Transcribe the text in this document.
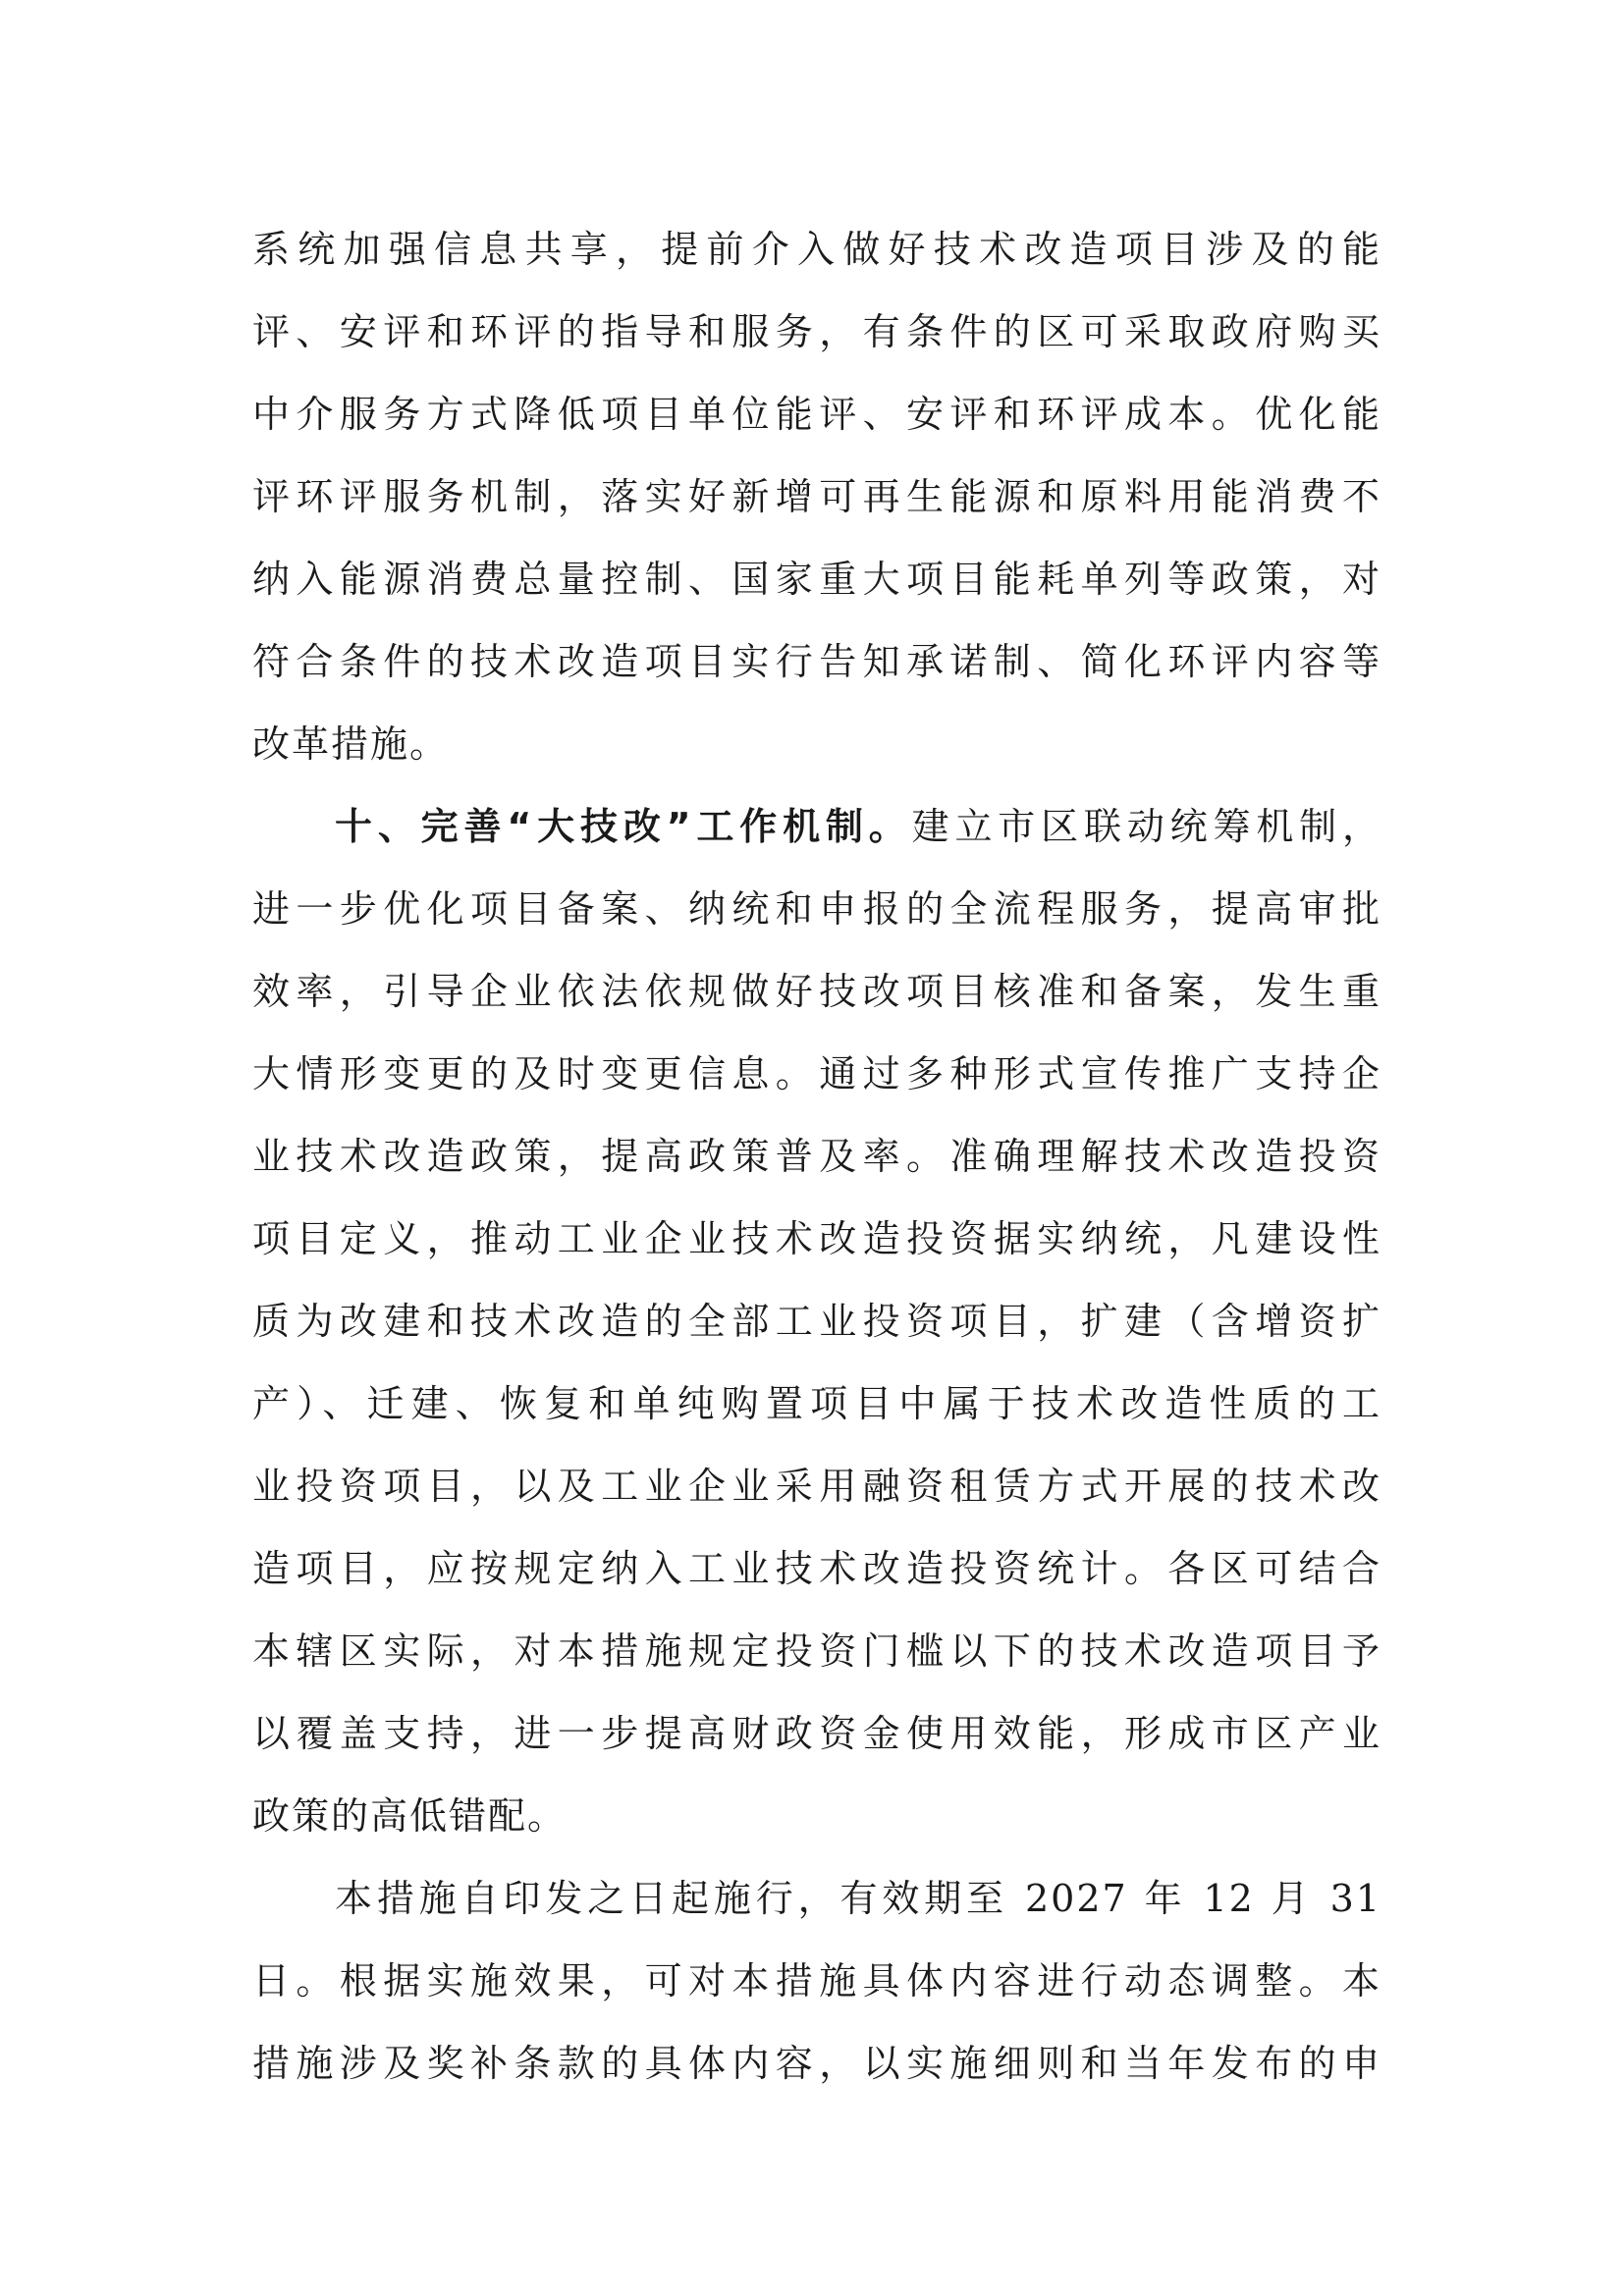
系统加强信息共享，提前介入做好技术改造项目涉及的能
评、安评和环评的指导和服务，有条件的区可采取政府购买
中介服务方式降低项目单位能评、安评和环评成本。优化能
评环评服务机制，落实好新增可再生能源和原料用能消费不
纳入能源消费总量控制、国家重大项目能耗单列等政策，对
符合条件的技术改造项目实行告知承诺制、简化环评内容等
改革措施。
十、完善“大技改”工作机制。建立市区联动统筹机制，
进一步优化项目备案、纳统和申报的全流程服务，提高审批
效率，引导企业依法依规做好技改项目核准和备案，发生重
大情形变更的及时变更信息。通过多种形式宣传推广支持企
业技术改造政策，提高政策普及率。准确理解技术改造投资
项目定义，推动工业企业技术改造投资据实纳统，凡建设性
质为改建和技术改造的全部工业投资项目，扩建（含增资扩
产）、迁建、恢复和单纯购置项目中属于技术改造性质的工
业投资项目，以及工业企业采用融资租赁方式开展的技术改
造项目，应按规定纳入工业技术改造投资统计。各区可结合
本辖区实际，对本措施规定投资门槛以下的技术改造项目予
以覆盖支持，进一步提高财政资金使用效能，形成市区产业
政策的高低错配。
本措施自印发之日起施行，有效期至 2027 年 12 月 31
日。根据实施效果，可对本措施具体内容进行动态调整。本
措施涉及奖补条款的具体内容，以实施细则和当年发布的申
